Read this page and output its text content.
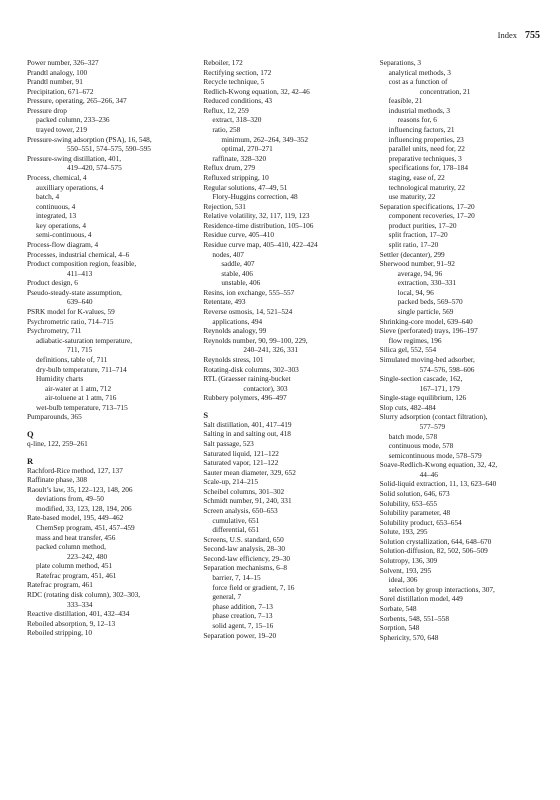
Index 755
Power number, 326–327
Prandtl analogy, 100
Prandtl number, 91
Precipitation, 671–672
Pressure, operating, 265–266, 347
Pressure drop
packed column, 233–236
trayed tower, 219
Pressure-swing adsorption (PSA), 16, 548,
550–551, 574–575, 590–595
Pressure-swing distillation, 401,
419–420, 574–575
Process, chemical, 4
auxilliary operations, 4
batch, 4
continuous, 4
integrated, 13
key operations, 4
semi-continuous, 4
Process-flow diagram, 4
Processes, industrial chemical, 4–6
Product composition region, feasible,
411–413
Product design, 6
Pseudo-steady-state assumption,
639–640
PSRK model for K-values, 59
Psychrometric ratio, 714–715
Psychrometry, 711
adiabatic-saturation temperature,
711, 715
definitions, table of, 711
dry-bulb temperature, 711–714
Humidity charts
air-water at 1 atm, 712
air-toluene at 1 atm, 716
wet-bulb temperature, 713–715
Pumparounds, 365
Q
q-line, 122, 259–261
R
Rachford-Rice method, 127, 137
Raffinate phase, 308
Raoult’s law, 35, 122–123, 148, 206
deviations from, 49–50
modified, 33, 123, 128, 194, 206
Rate-based model, 195, 449–462
ChemSep program, 451, 457–459
mass and heat transfer, 456
packed column method,
223–242, 480
plate column method, 451
Ratefrac program, 451, 461
Ratefrac program, 461
RDC (rotating disk column), 302–303,
333–334
Reactive distillation, 401, 432–434
Reboiled absorption, 9, 12–13
Reboiled stripping, 10
Reboiler, 172
Rectifying section, 172
Recycle technique, 5
Redlich-Kwong equation, 32, 42–46
Reduced conditions, 43
Reflux, 12, 259
extract, 318–320
ratio, 258
minimum, 262–264, 349–352
optimal, 270–271
raffinate, 328–320
Reflux drum, 279
Refluxed stripping, 10
Regular solutions, 47–49, 51
Flory-Huggins correction, 48
Rejection, 531
Relative volatility, 32, 117, 119, 123
Residence-time distribution, 105–106
Residue curve, 405–410
Residue curve map, 405–410, 422–424
nodes, 407
saddle, 407
stable, 406
unstable, 406
Resins, ion exchange, 555–557
Retentate, 493
Reverse osmosis, 14, 521–524
applications, 494
Reynolds analogy, 99
Reynolds number, 90, 99–100, 229,
240–241, 326, 331
Reynolds stress, 101
Rotating-disk columns, 302–303
RTL (Graesser raining-bucket
contactor), 303
Rubbery polymers, 496–497
S
Salt distillation, 401, 417–419
Salting in and salting out, 418
Salt passage, 523
Saturated liquid, 121–122
Saturated vapor, 121–122
Sauter mean diameter, 329, 652
Scale-up, 214–215
Scheibel columns, 301–302
Schmidt number, 91, 240, 331
Screen analysis, 650–653
cumulative, 651
differential, 651
Screens, U.S. standard, 650
Second-law analysis, 28–30
Second-law efficiency, 29–30
Separation mechanisms, 6–8
barrier, 7, 14–15
force field or gradient, 7, 16
general, 7
phase addition, 7–13
phase creation, 7–13
solid agent, 7, 15–16
Separation power, 19–20
Separations, 3
analytical methods, 3
cost as a function of
concentration, 21
feasible, 21
industrial methods, 3
reasons for, 6
influencing factors, 21
influencing properties, 23
parallel units, need for, 22
preparative techniques, 3
specifications for, 178–184
staging, ease of, 22
technological maturity, 22
use maturity, 22
Separation specifications, 17–20
component recoveries, 17–20
product purities, 17–20
split fraction, 17–20
split ratio, 17–20
Settler (decanter), 299
Sherwood number, 91–92
average, 94, 96
extraction, 330–331
local, 94, 96
packed beds, 569–570
single particle, 569
Shrinking-core model, 639–640
Sieve (perforated) trays, 196–197
flow regimes, 196
Silica gel, 552, 554
Simulated moving-bed adsorber,
574–576, 598–606
Single-section cascade, 162,
167–171, 179
Single-stage equilibrium, 126
Slop cuts, 482–484
Slurry adsorption (contact filtration),
577–579
batch mode, 578
continuous mode, 578
semicontinuous mode, 578–579
Soave-Redlich-Kwong equation, 32, 42,
44–46
Solid-liquid extraction, 11, 13, 623–640
Solid solution, 646, 673
Solubility, 653–655
Solubility parameter, 48
Solubility product, 653–654
Solute, 193, 295
Solution crystallization, 644, 648–670
Solution-diffusion, 82, 502, 506–509
Solutropy, 136, 309
Solvent, 193, 295
ideal, 306
selection by group interactions, 307,
Sorel distillation model, 449
Sorbate, 548
Sorbents, 548, 551–558
Sorption, 548
Sphericity, 570, 648
